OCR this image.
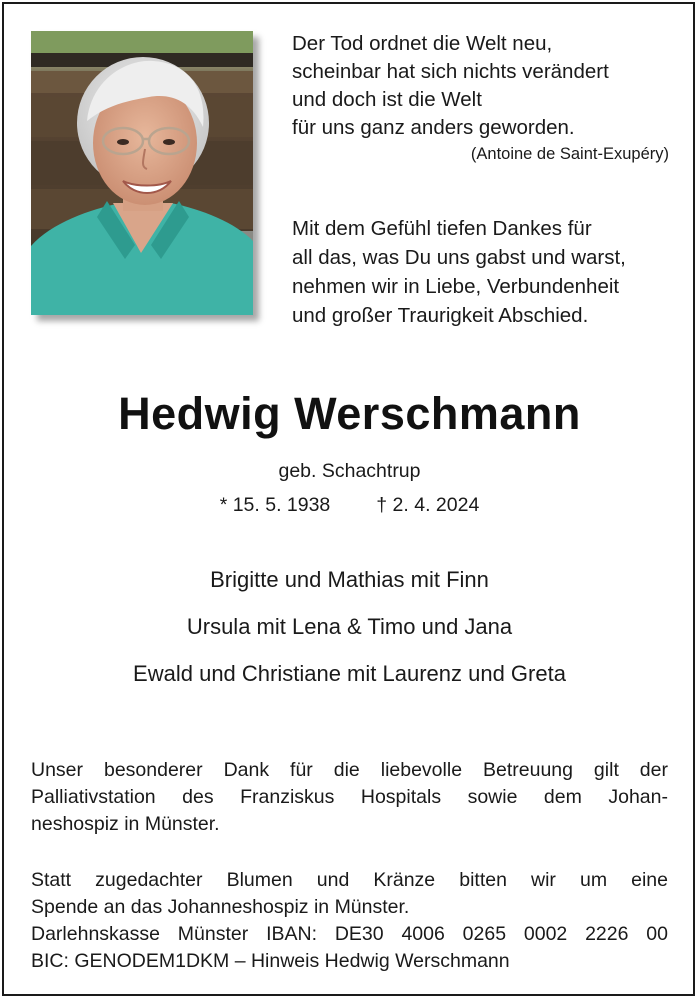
Der Tod ordnet die Welt neu,
scheinbar hat sich nichts verändert
und doch ist die Welt
für uns ganz anders geworden.
(Antoine de Saint-Exupéry)
Mit dem Gefühl tiefen Dankes für
all das, was Du uns gabst und warst,
nehmen wir in Liebe, Verbundenheit
und großer Traurigkeit Abschied.
Hedwig Werschmann
geb. Schachtrup
* 15. 5. 1938 † 2. 4. 2024
Brigitte und Mathias mit Finn
Ursula mit Lena & Timo und Jana
Ewald und Christiane mit Laurenz und Greta
Unser besonderer Dank für die liebevolle Betreuung gilt der
Palliativstation des Franziskus Hospitals sowie dem Johan-
neshospiz in Münster.
Statt zugedachter Blumen und Kränze bitten wir um eine
Spende an das Johanneshospiz in Münster.
Darlehnskasse Münster IBAN: DE30 4006 0265 0002 2226 00
BIC: GENODEM1DKM – Hinweis Hedwig Werschmann
